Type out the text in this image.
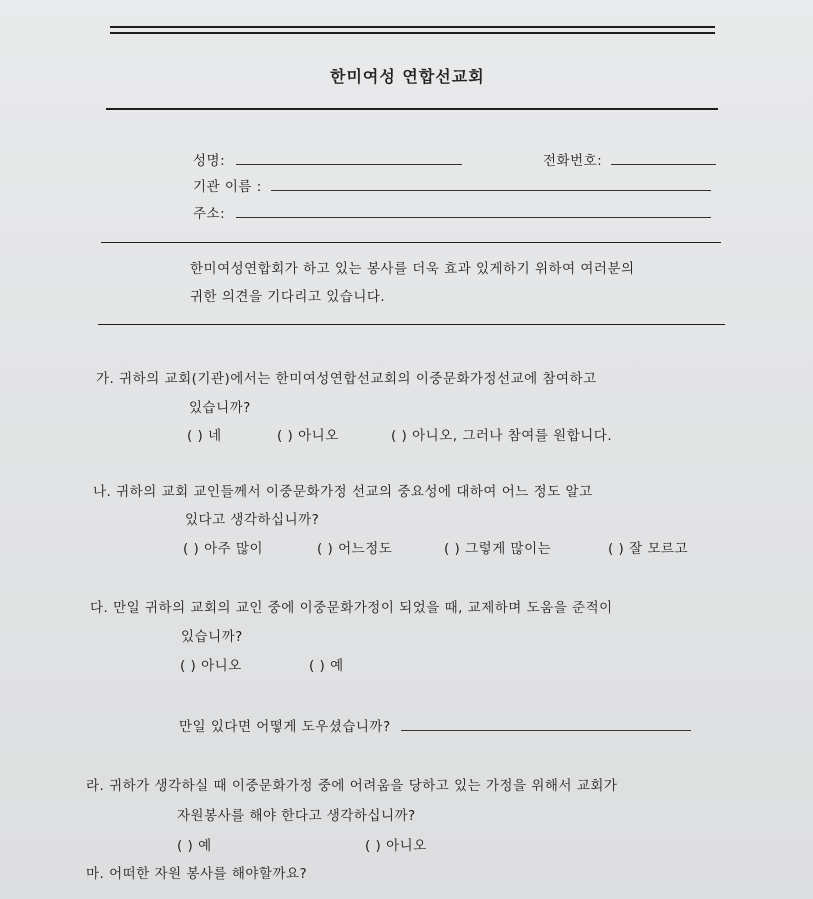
한미여성 연합선교회
성명:	전화번호:
기관 이름 :
주소:
한미여성연합회가 하고 있는 봉사를 더욱 효과 있게하기 위하여 여러분의
귀한 의견을 기다리고 있습니다.
가. 귀하의 교회(기관)에서는 한미여성연합선교회의 이중문화가정선교에 참여하고
있습니까?
( ) 네	( ) 아니오	( ) 아니오, 그러나 참여를 원합니다.
나. 귀하의 교회 교인들께서 이중문화가정 선교의 중요성에 대하여 어느 정도 알고
있다고 생각하십니까?
( ) 아주 많이	( ) 어느정도	( ) 그렇게 많이는	( ) 잘 모르고
다. 만일 귀하의 교회의 교인 중에 이중문화가정이 되었을 때, 교제하며 도움을 준적이
있습니까?
( ) 아니오	( ) 예
만일 있다면 어떻게 도우셨습니까?
라. 귀하가 생각하실 때 이중문화가정 중에 어려움을 당하고 있는 가정을 위해서 교회가
자원봉사를 해야 한다고 생각하십니까?
( ) 예	( ) 아니오
마. 어떠한 자원 봉사를 해야할까요?
